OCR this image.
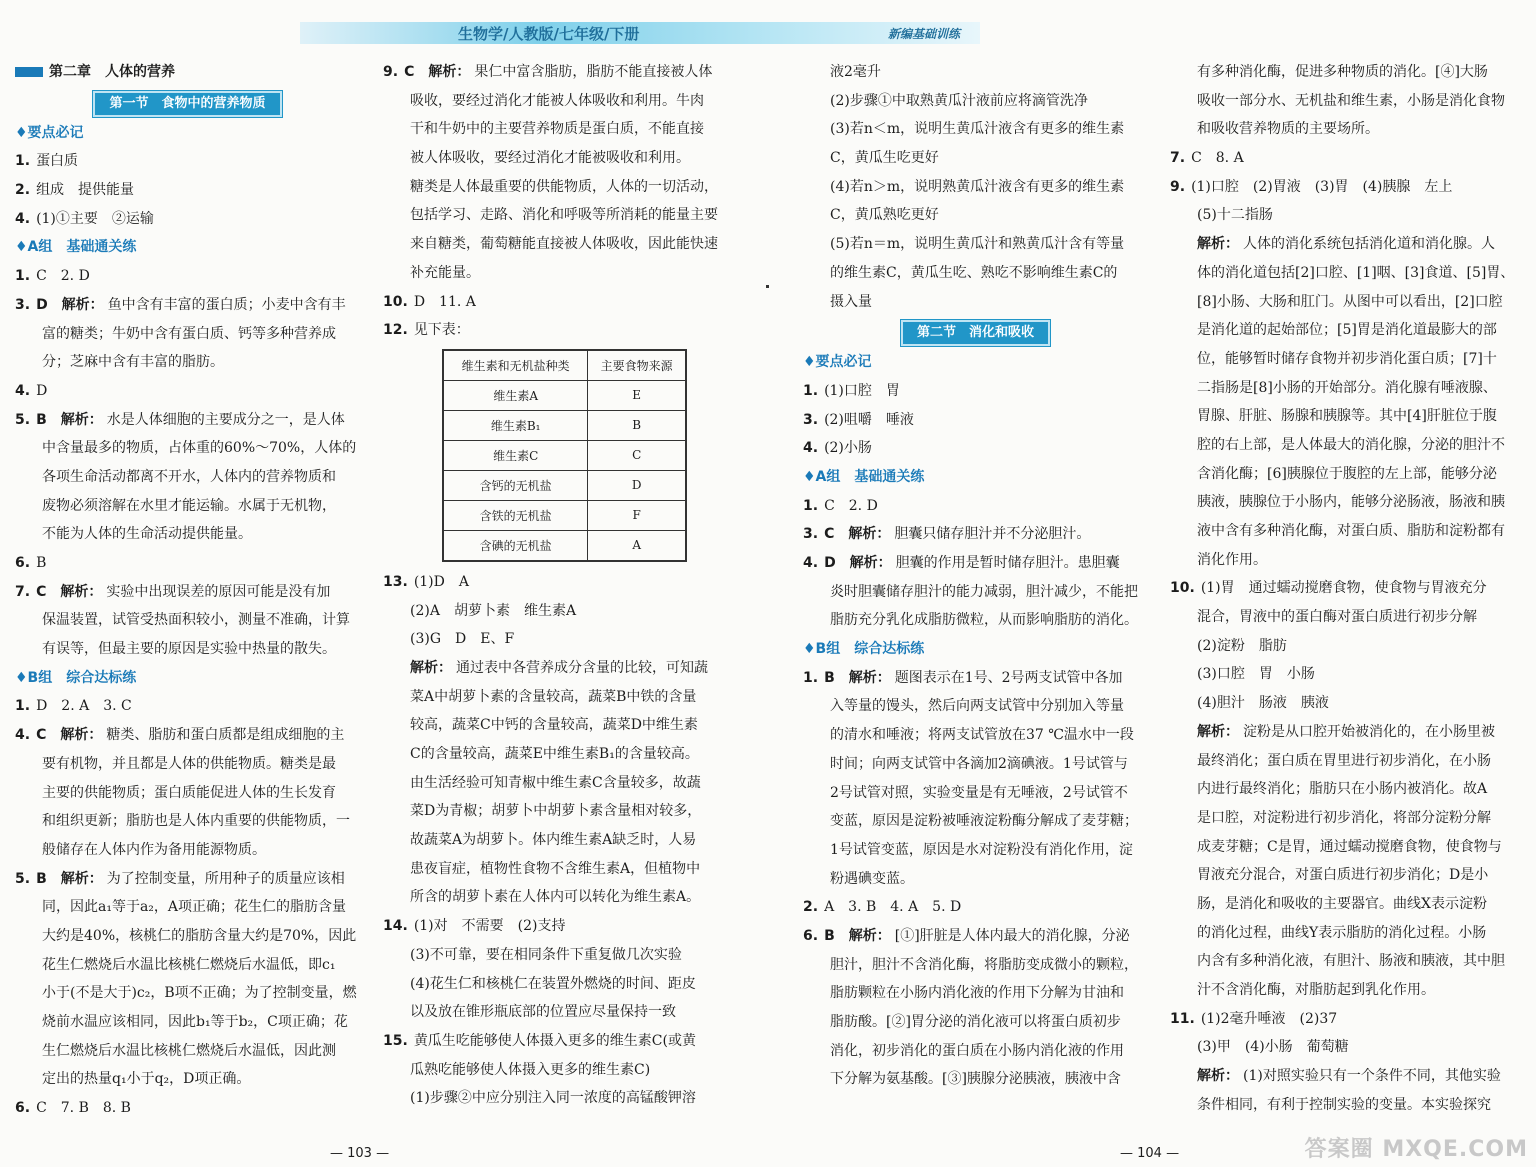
生物学/人教版/七年级/下册	新编基础训练
第二章　人体的营养
第一节　食物中的营养物质
♦要点必记
1. 蛋白质
2. 组成　提供能量
4. (1)①主要　②运输
♦A组　基础通关练
1. C　2. D
3. D　解析： 鱼中含有丰富的蛋白质；小麦中含有丰
富的糖类；牛奶中含有蛋白质、钙等多种营养成
分；芝麻中含有丰富的脂肪。
4. D
5. B　解析： 水是人体细胞的主要成分之一，是人体
中含量最多的物质，占体重的60%～70%，人体的
各项生命活动都离不开水，人体内的营养物质和
废物必须溶解在水里才能运输。水属于无机物，
不能为人体的生命活动提供能量。
6. B
7. C　解析： 实验中出现误差的原因可能是没有加
保温装置，试管受热面积较小，测量不准确，计算
有误等，但最主要的原因是实验中热量的散失。
♦B组　综合达标练
1. D　2. A　3. C
4. C　解析： 糖类、脂肪和蛋白质都是组成细胞的主
要有机物，并且都是人体的供能物质。糖类是最
主要的供能物质；蛋白质能促进人体的生长发育
和组织更新；脂肪也是人体内重要的供能物质，一
般储存在人体内作为备用能源物质。
5. B　解析： 为了控制变量，所用种子的质量应该相
同，因此a₁等于a₂，A项正确；花生仁的脂肪含量
大约是40%，核桃仁的脂肪含量大约是70%，因此
花生仁燃烧后水温比核桃仁燃烧后水温低，即c₁
小于(不是大于)c₂，B项不正确；为了控制变量，燃
烧前水温应该相同，因此b₁等于b₂，C项正确；花
生仁燃烧后水温比核桃仁燃烧后水温低，因此测
定出的热量q₁小于q₂，D项正确。
6. C　7. B　8. B
9. C　解析： 果仁中富含脂肪，脂肪不能直接被人体
吸收，要经过消化才能被人体吸收和利用。牛肉
干和牛奶中的主要营养物质是蛋白质，不能直接
被人体吸收，要经过消化才能被吸收和利用。
糖类是人体最重要的供能物质，人体的一切活动，
包括学习、走路、消化和呼吸等所消耗的能量主要
来自糖类，葡萄糖能直接被人体吸收，因此能快速
补充能量。
10. D　11. A
12. 见下表：
维生素和无机盐种类	主要食物来源
维生素A	E
维生素B₁	B
维生素C	C
含钙的无机盐	D
含铁的无机盐	F
含碘的无机盐	A
13. (1)D　A
(2)A　胡萝卜素　维生素A
(3)G　D　E、F
解析： 通过表中各营养成分含量的比较，可知蔬
菜A中胡萝卜素的含量较高，蔬菜B中铁的含量
较高，蔬菜C中钙的含量较高，蔬菜D中维生素
C的含量较高，蔬菜E中维生素B₁的含量较高。
由生活经验可知青椒中维生素C含量较多，故蔬
菜D为青椒；胡萝卜中胡萝卜素含量相对较多，
故蔬菜A为胡萝卜。体内维生素A缺乏时，人易
患夜盲症，植物性食物不含维生素A，但植物中
所含的胡萝卜素在人体内可以转化为维生素A。
14. (1)对　不需要　(2)支持
(3)不可靠，要在相同条件下重复做几次实验
(4)花生仁和核桃仁在装置外燃烧的时间、距皮
以及放在锥形瓶底部的位置应尽量保持一致
15. 黄瓜生吃能够使人体摄入更多的维生素C(或黄
瓜熟吃能够使人体摄入更多的维生素C)
(1)步骤②中应分别注入同一浓度的高锰酸钾溶
液2毫升
(2)步骤①中取熟黄瓜汁液前应将滴管洗净
(3)若n＜m，说明生黄瓜汁液含有更多的维生素
C，黄瓜生吃更好
(4)若n＞m，说明熟黄瓜汁液含有更多的维生素
C，黄瓜熟吃更好
(5)若n＝m，说明生黄瓜汁和熟黄瓜汁含有等量
的维生素C，黄瓜生吃、熟吃不影响维生素C的
摄入量
第二节　消化和吸收
♦要点必记
1. (1)口腔　胃
3. (2)咀嚼　唾液
4. (2)小肠
♦A组　基础通关练
1. C　2. D
3. C　解析： 胆囊只储存胆汁并不分泌胆汁。
4. D　解析： 胆囊的作用是暂时储存胆汁。患胆囊
炎时胆囊储存胆汁的能力减弱，胆汁减少，不能把
脂肪充分乳化成脂肪微粒，从而影响脂肪的消化。
♦B组　综合达标练
1. B　解析： 题图表示在1号、2号两支试管中各加
入等量的馒头，然后向两支试管中分别加入等量
的清水和唾液；将两支试管放在37 ℃温水中一段
时间；向两支试管中各滴加2滴碘液。1号试管与
2号试管对照，实验变量是有无唾液，2号试管不
变蓝，原因是淀粉被唾液淀粉酶分解成了麦芽糖；
1号试管变蓝，原因是水对淀粉没有消化作用，淀
粉遇碘变蓝。
2. A　3. B　4. A　5. D
6. B　解析： [①]肝脏是人体内最大的消化腺，分泌
胆汁，胆汁不含消化酶，将脂肪变成微小的颗粒，
脂肪颗粒在小肠内消化液的作用下分解为甘油和
脂肪酸。[②]胃分泌的消化液可以将蛋白质初步
消化，初步消化的蛋白质在小肠内消化液的作用
下分解为氨基酸。[③]胰腺分泌胰液，胰液中含
有多种消化酶，促进多种物质的消化。[④]大肠
吸收一部分水、无机盐和维生素，小肠是消化食物
和吸收营养物质的主要场所。
7. C　8. A
9. (1)口腔　(2)胃液　(3)胃　(4)胰腺　左上
(5)十二指肠
解析： 人体的消化系统包括消化道和消化腺。人
体的消化道包括[2]口腔、[1]咽、[3]食道、[5]胃、
[8]小肠、大肠和肛门。从图中可以看出，[2]口腔
是消化道的起始部位；[5]胃是消化道最膨大的部
位，能够暂时储存食物并初步消化蛋白质；[7]十
二指肠是[8]小肠的开始部分。消化腺有唾液腺、
胃腺、肝脏、肠腺和胰腺等。其中[4]肝脏位于腹
腔的右上部，是人体最大的消化腺，分泌的胆汁不
含消化酶；[6]胰腺位于腹腔的左上部，能够分泌
胰液，胰腺位于小肠内，能够分泌肠液，肠液和胰
液中含有多种消化酶，对蛋白质、脂肪和淀粉都有
消化作用。
10. (1)胃　通过蠕动搅磨食物，使食物与胃液充分
混合，胃液中的蛋白酶对蛋白质进行初步分解
(2)淀粉　脂肪
(3)口腔　胃　小肠
(4)胆汁　肠液　胰液
解析： 淀粉是从口腔开始被消化的，在小肠里被
最终消化；蛋白质在胃里进行初步消化，在小肠
内进行最终消化；脂肪只在小肠内被消化。故A
是口腔，对淀粉进行初步消化，将部分淀粉分解
成麦芽糖；C是胃，通过蠕动搅磨食物，使食物与
胃液充分混合，对蛋白质进行初步消化；D是小
肠，是消化和吸收的主要器官。曲线X表示淀粉
的消化过程，曲线Y表示脂肪的消化过程。小肠
内含有多种消化液，有胆汁、肠液和胰液，其中胆
汁不含消化酶，对脂肪起到乳化作用。
11. (1)2毫升唾液　(2)37
(3)甲　(4)小肠　葡萄糖
解析： (1)对照实验只有一个条件不同，其他实验
条件相同，有利于控制实验的变量。本实验探究
— 103 —	— 104 —	答案圈 MXQE.COM
